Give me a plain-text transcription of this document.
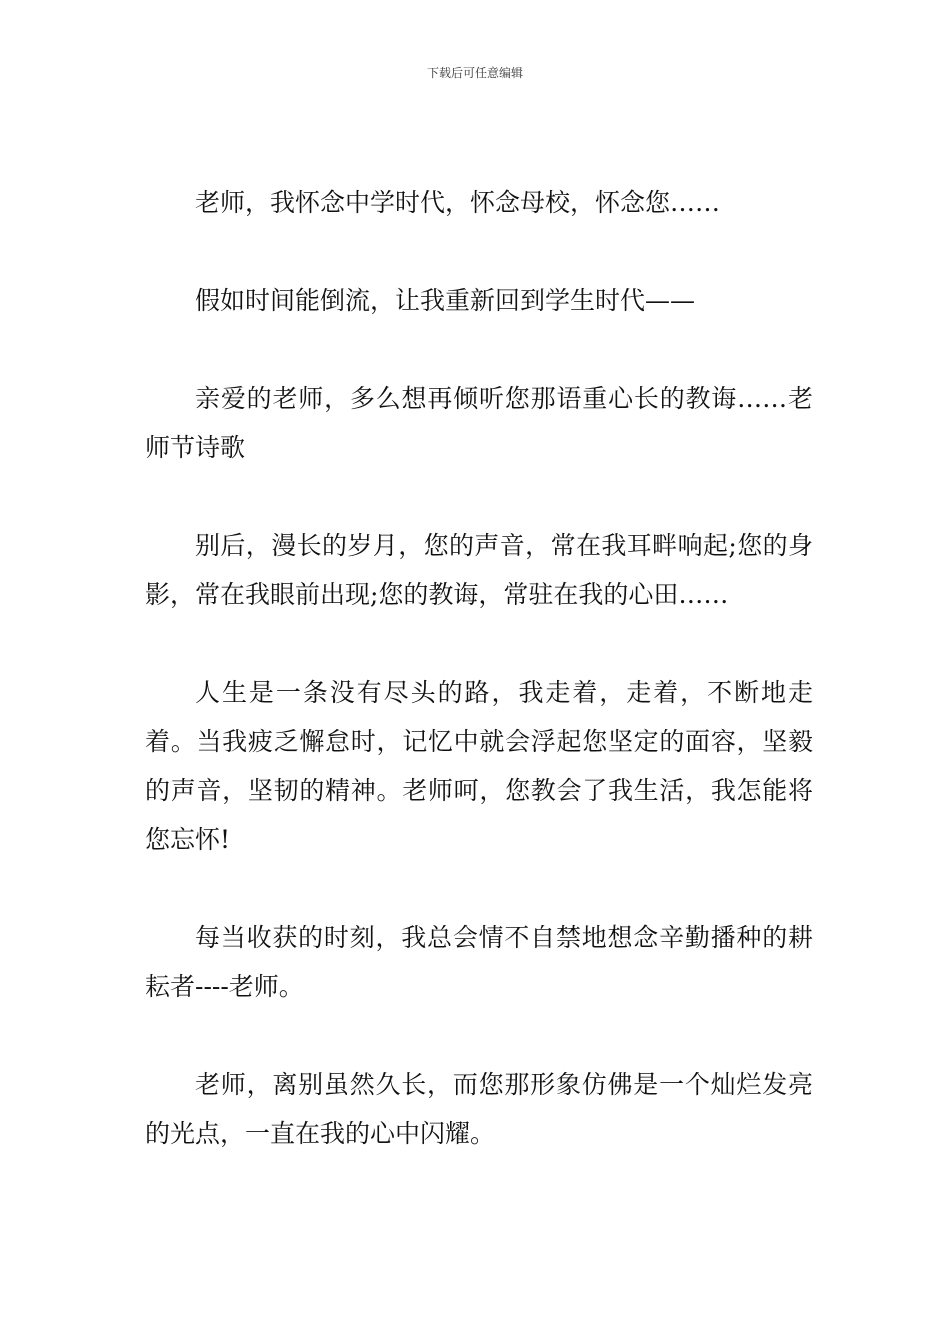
下载后可任意编辑

老师，我怀念中学时代，怀念母校，怀念您……

假如时间能倒流，让我重新回到学生时代——

亲爱的老师，多么想再倾听您那语重心长的教诲……老师节诗歌

别后，漫长的岁月，您的声音，常在我耳畔响起;您的身影，常在我眼前出现;您的教诲，常驻在我的心田……

人生是一条没有尽头的路，我走着，走着，不断地走着。当我疲乏懈怠时，记忆中就会浮起您坚定的面容，坚毅的声音，坚韧的精神。老师呵，您教会了我生活，我怎能将您忘怀!

每当收获的时刻，我总会情不自禁地想念辛勤播种的耕耘者----老师。

老师，离别虽然久长，而您那形象仿佛是一个灿烂发亮的光点，一直在我的心中闪耀。
